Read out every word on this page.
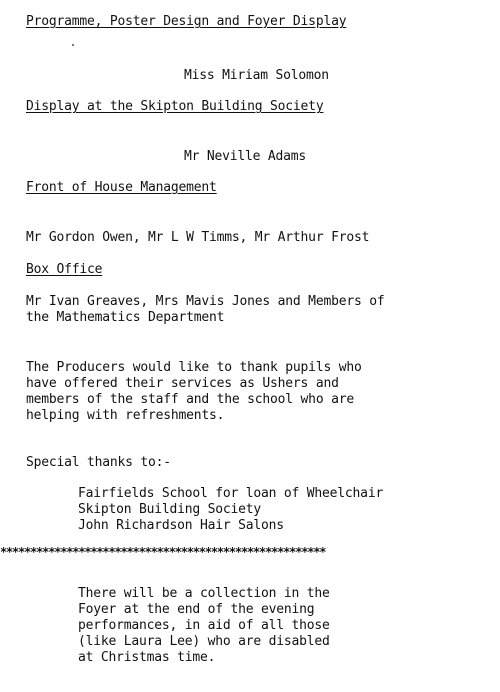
Programme, Poster Design and Foyer Display
Miss Miriam Solomon
Display at the Skipton Building Society
Mr Neville Adams
Front of House Management
Mr Gordon Owen, Mr L W Timms, Mr Arthur Frost
Box Office
Mr Ivan Greaves, Mrs Mavis Jones and Members of
the Mathematics Department
The Producers would like to thank pupils who
have offered their services as Ushers and
members of the staff and the school who are
helping with refreshments.
Special thanks to:-
Fairfields School for loan of Wheelchair
Skipton Building Society
John Richardson Hair Salons
******************************************************
There will be a collection in the
Foyer at the end of the evening
performances, in aid of all those
(like Laura Lee) who are disabled
at Christmas time.
